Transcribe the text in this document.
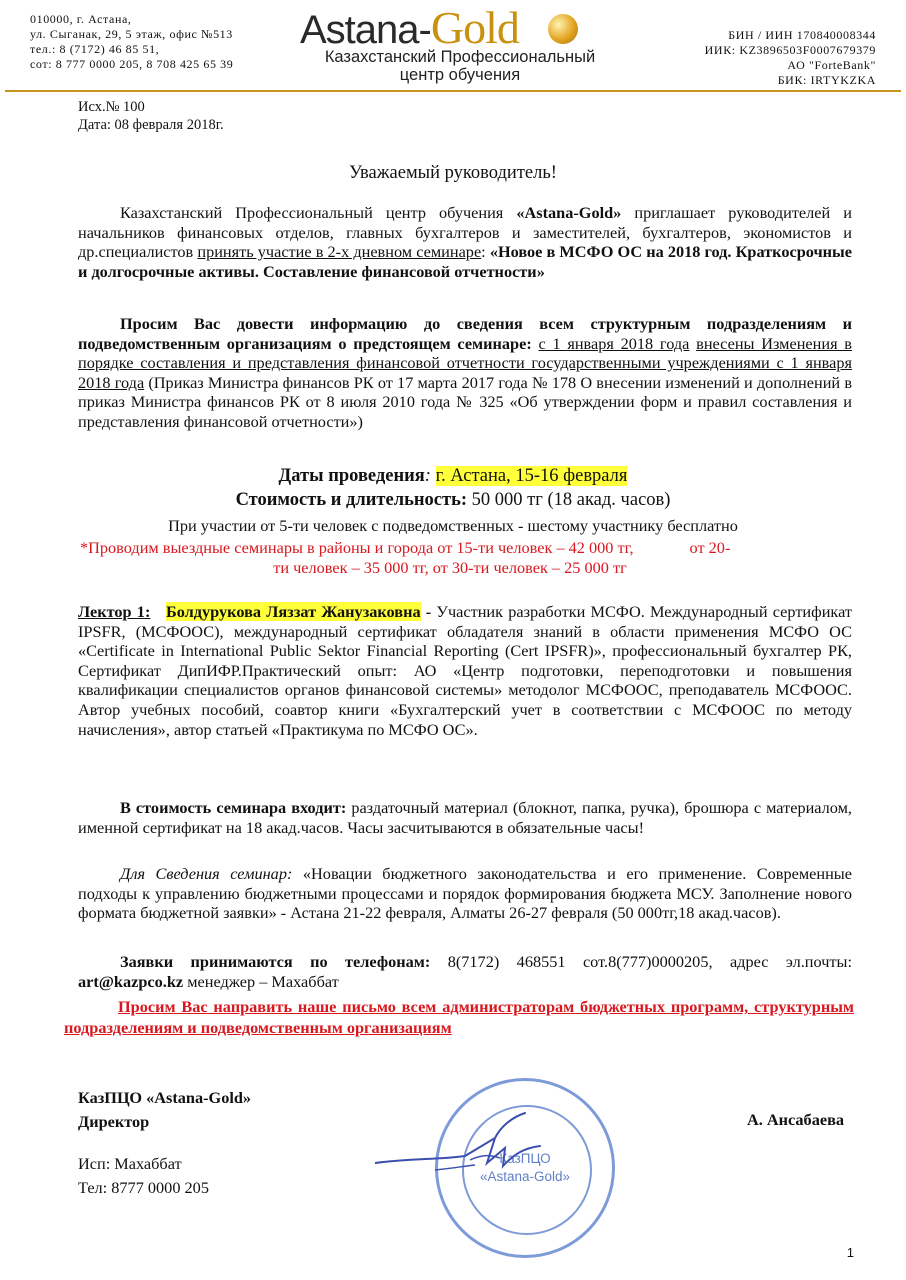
010000, г. Астана,
ул. Сыганак, 29, 5 этаж, офис №513
тел.: 8 (7172) 46 85 51,
сот: 8 777 0000 205, 8 708 425 65 39
Astana-Gold
Казахстанский Профессиональный
центр обучения
БИН / ИИН 170840008344
ИИК: KZ3896503F0007679379
АО "ForteBank"
БИК: IRTYKZKA
Исх.№ 100
Дата: 08 февраля 2018г.
Уважаемый руководитель!
Казахстанский Профессиональный центр обучения «Astana-Gold» приглашает руководителей и начальников финансовых отделов, главных бухгалтеров и заместителей, бухгалтеров, экономистов и др.специалистов принять участие в 2-х дневном семинаре: «Новое в МСФО ОС на 2018 год. Краткосрочные и долгосрочные активы. Составление финансовой отчетности»
Просим Вас довести информацию до сведения всем структурным подразделениям и подведомственным организациям о предстоящем семинаре: с 1 января 2018 года внесены Изменения в порядке составления и представления финансовой отчетности государственными учреждениями с 1 января 2018 года (Приказ Министра финансов РК от 17 марта 2017 года № 178 О внесении изменений и дополнений в приказ Министра финансов РК от 8 июля 2010 года № 325 «Об утверждении форм и правил составления и представления финансовой отчетности»)
Даты проведения: г. Астана, 15-16 февраля
Стоимость и длительность: 50 000 тг (18 акад. часов)
При участии от 5-ти человек с подведомственных - шестому участнику бесплатно
*Проводим выездные семинары в районы и города от 15-ти человек – 42 000 тг,	от 20-
ти человек – 35 000 тг, от 30-ти человек – 25 000 тг
Лектор 1: Болдурукова Ляззат Жанузаковна - Участник разработки МСФО. Международный сертификат IPSFR, (МСФООС), международный сертификат обладателя знаний в области применения МСФО ОС «Certificate in International Public Sektor Financial Reporting (Cert IPSFR)», профессиональный бухгалтер РК, Сертификат ДипИФР.Практический опыт: АО «Центр подготовки, переподготовки и повышения квалификации специалистов органов финансовой системы» методолог МСФООС, преподаватель МСФООС. Автор учебных пособий, соавтор книги «Бухгалтерский учет в соответствии с МСФООС по методу начисления», автор статьей «Практикума по МСФО ОС».
В стоимость семинара входит: раздаточный материал (блокнот, папка, ручка), брошюра с материалом, именной сертификат на 18 акад.часов. Часы засчитываются в обязательные часы!
Для Сведения семинар: «Новации бюджетного законодательства и его применение. Современные подходы к управлению бюджетными процессами и порядок формирования бюджета МСУ. Заполнение нового формата бюджетной заявки» - Астана 21-22 февраля, Алматы 26-27 февраля (50 000тг,18 акад.часов).
Заявки принимаются по телефонам: 8(7172) 468551 сот.8(777)0000205, адрес эл.почты: art@kazpco.kz менеджер – Махаббат
Просим Вас направить наше письмо всем администраторам бюджетных программ, структурным подразделениям и подведомственным организациям
КазПЦО
«Astana-Gold»
КазПЦО «Astana-Gold»
Директор	А. Ансабаева
Исп: Махаббат
Тел: 8777 0000 205
1
